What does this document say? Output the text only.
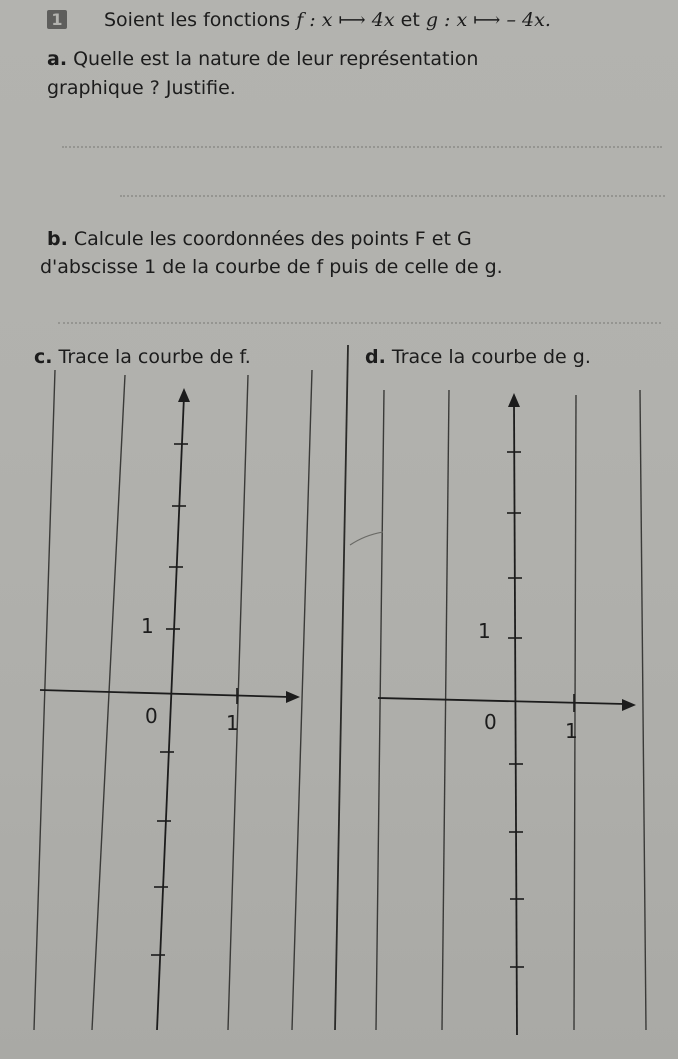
1 Soient les fonctions f : x ⟼ 4x et g : x ⟼ – 4x.
a. Quelle est la nature de leur représentation
graphique ? Justifie.
b. Calcule les coordonnées des points F et G
d'abscisse 1 de la courbe de f puis de celle de g.
c. Trace la courbe de f.	d. Trace la courbe de g.
1
0	1
1
0	1
